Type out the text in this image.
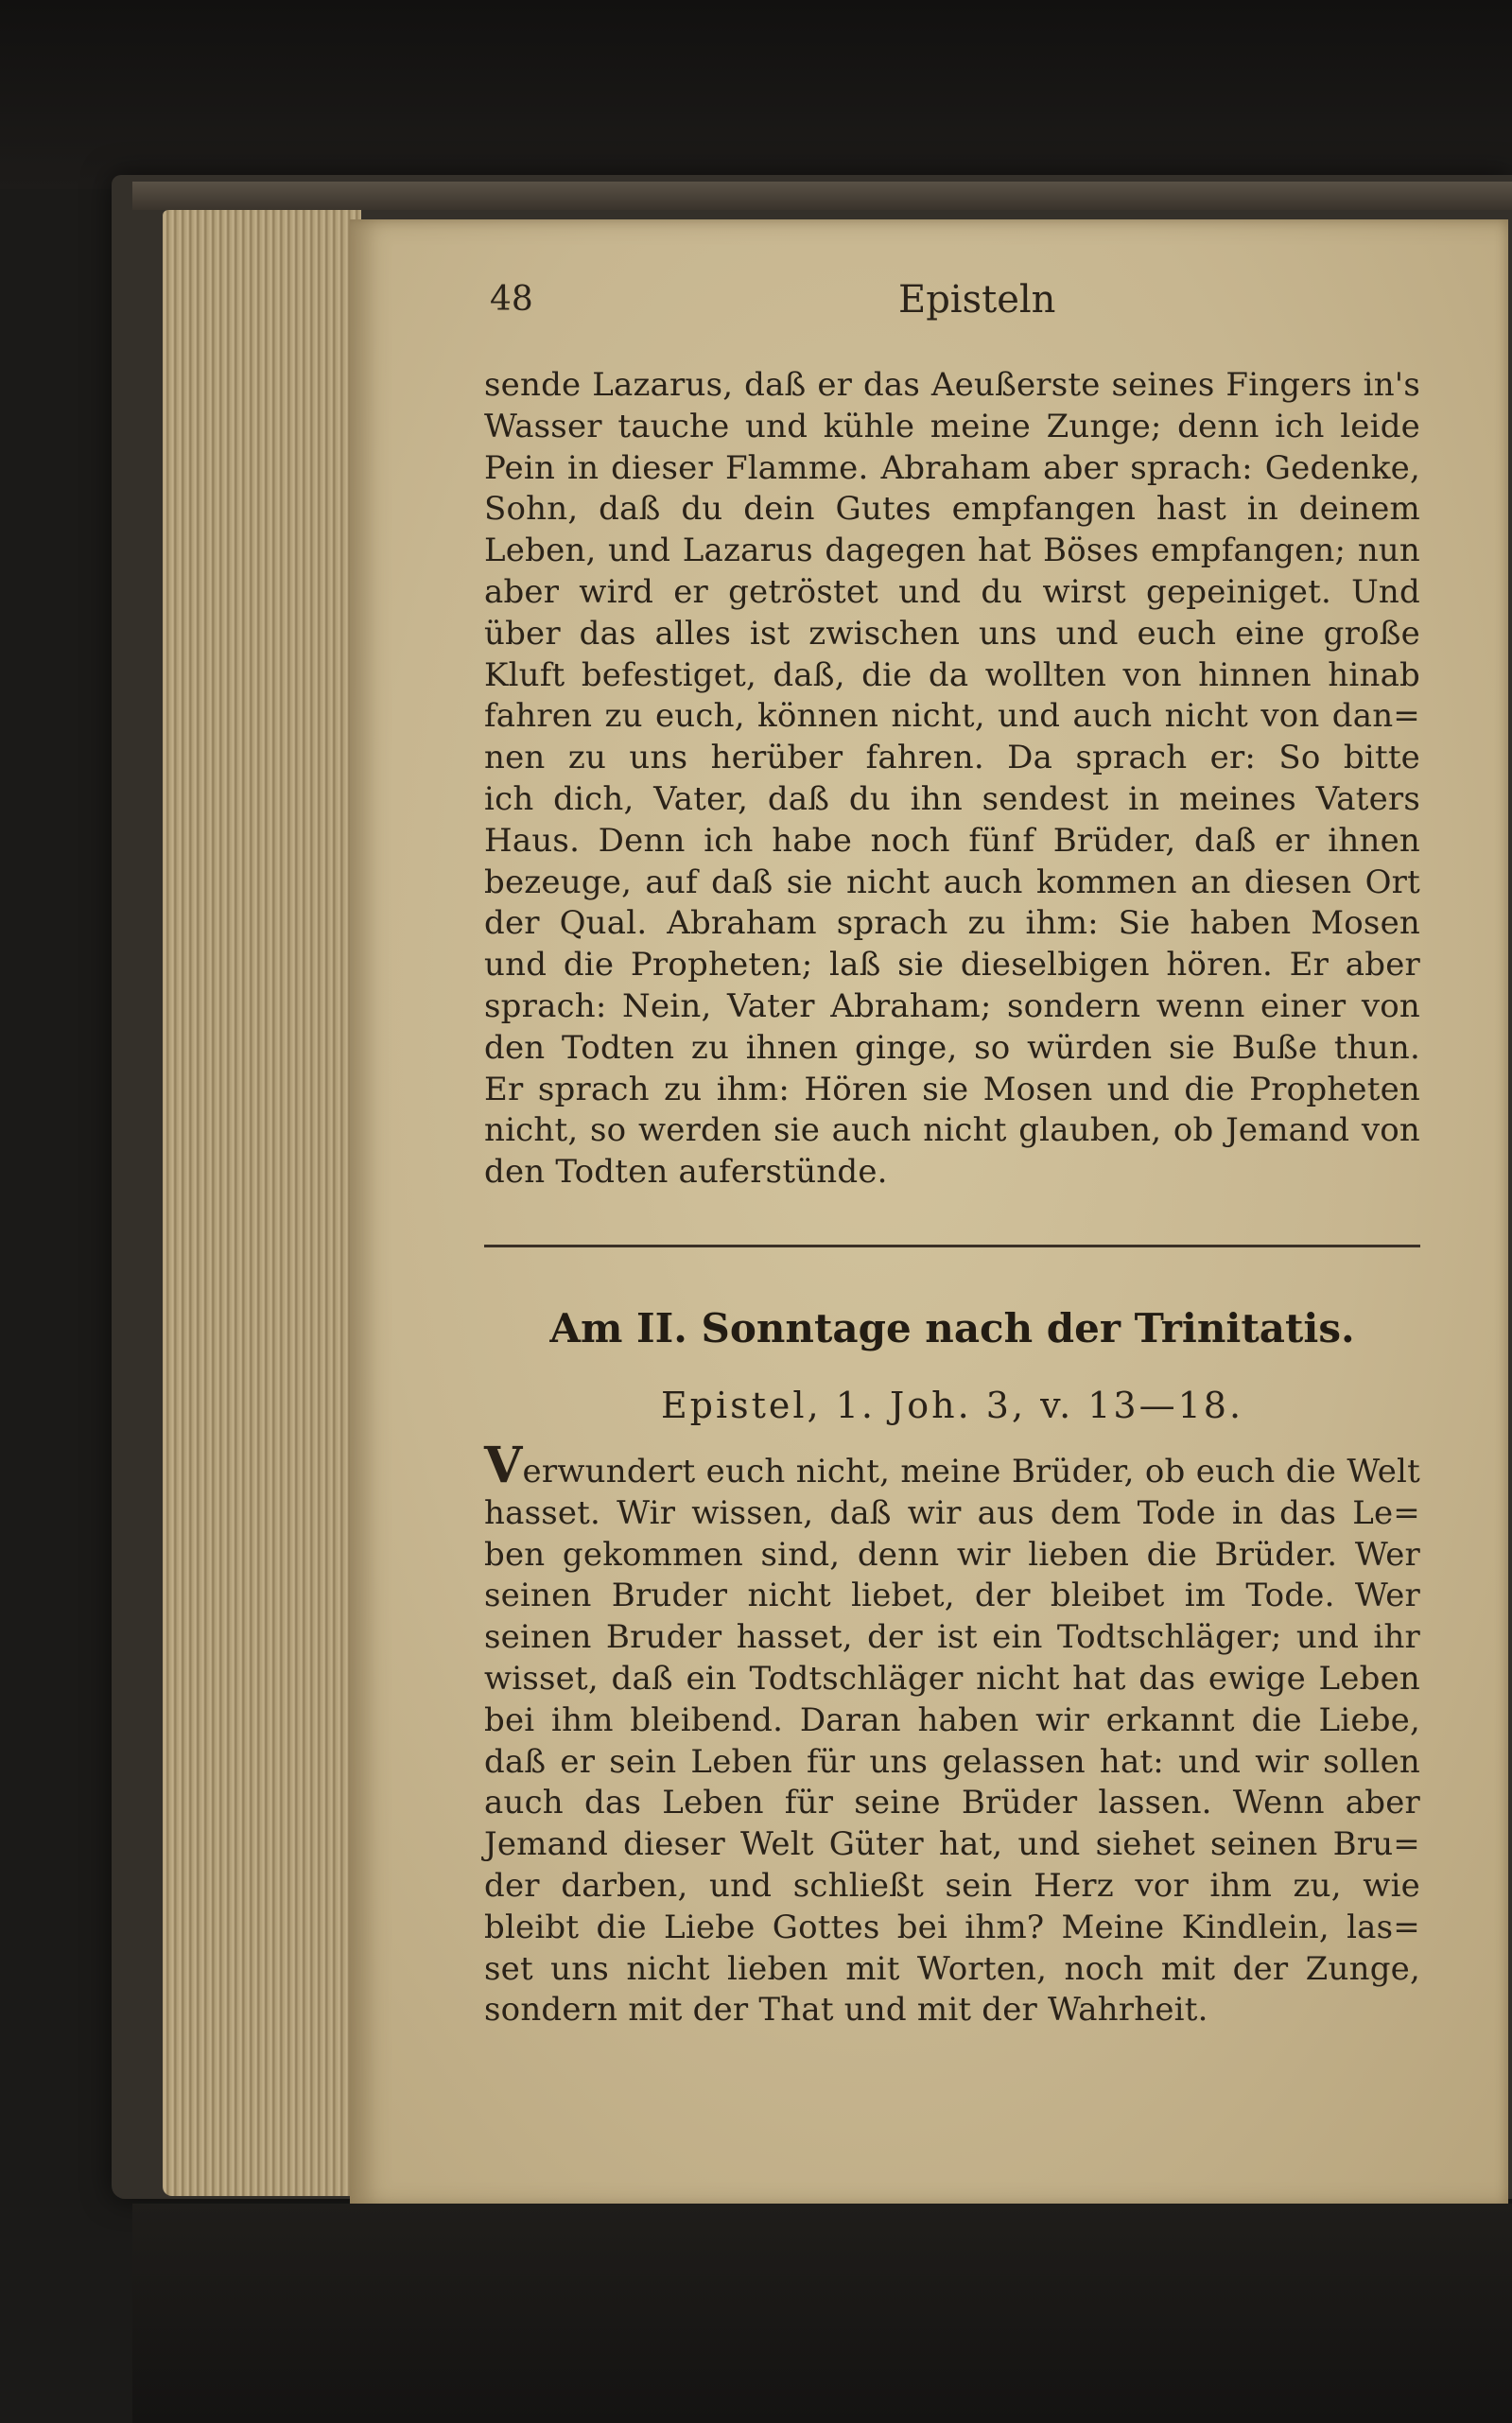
48	Episteln
sende Lazarus, daß er das Aeußerste seines Fingers in's
Wasser tauche und kühle meine Zunge; denn ich leide
Pein in dieser Flamme. Abraham aber sprach: Gedenke,
Sohn, daß du dein Gutes empfangen hast in deinem
Leben, und Lazarus dagegen hat Böses empfangen; nun
aber wird er getröstet und du wirst gepeiniget. Und
über das alles ist zwischen uns und euch eine große
Kluft befestiget, daß, die da wollten von hinnen hinab
fahren zu euch, können nicht, und auch nicht von dan=
nen zu uns herüber fahren. Da sprach er: So bitte
ich dich, Vater, daß du ihn sendest in meines Vaters
Haus. Denn ich habe noch fünf Brüder, daß er ihnen
bezeuge, auf daß sie nicht auch kommen an diesen Ort
der Qual. Abraham sprach zu ihm: Sie haben Mosen
und die Propheten; laß sie dieselbigen hören. Er aber
sprach: Nein, Vater Abraham; sondern wenn einer von
den Todten zu ihnen ginge, so würden sie Buße thun.
Er sprach zu ihm: Hören sie Mosen und die Propheten
nicht, so werden sie auch nicht glauben, ob Jemand von
den Todten auferstünde.
Am II. Sonntage nach der Trinitatis.
Epistel, 1. Joh. 3, v. 13—18.
Verwundert euch nicht, meine Brüder, ob euch die Welt
hasset. Wir wissen, daß wir aus dem Tode in das Le=
ben gekommen sind, denn wir lieben die Brüder. Wer
seinen Bruder nicht liebet, der bleibet im Tode. Wer
seinen Bruder hasset, der ist ein Todtschläger; und ihr
wisset, daß ein Todtschläger nicht hat das ewige Leben
bei ihm bleibend. Daran haben wir erkannt die Liebe,
daß er sein Leben für uns gelassen hat: und wir sollen
auch das Leben für seine Brüder lassen. Wenn aber
Jemand dieser Welt Güter hat, und siehet seinen Bru=
der darben, und schließt sein Herz vor ihm zu, wie
bleibt die Liebe Gottes bei ihm? Meine Kindlein, las=
set uns nicht lieben mit Worten, noch mit der Zunge,
sondern mit der That und mit der Wahrheit.
